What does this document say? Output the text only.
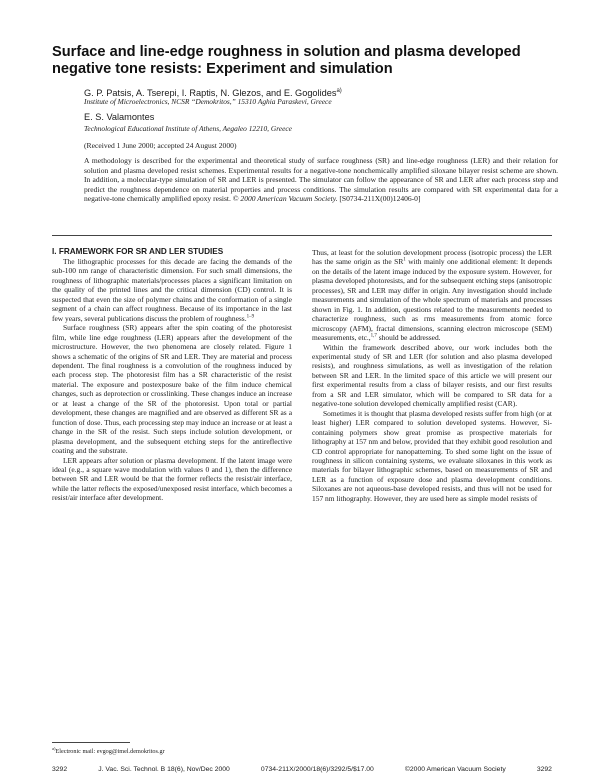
Surface and line-edge roughness in solution and plasma developed negative tone resists: Experiment and simulation
G. P. Patsis, A. Tserepi, I. Raptis, N. Glezos, and E. Gogolides$^{a)}$
Institute of Microelectronics, NCSR “Demokritos,” 15310 Aghia Paraskevi, Greece
E. S. Valamontes
Technological Educational Institute of Athens, Aegaleo 12210, Greece
(Received 1 June 2000; accepted 24 August 2000)
A methodology is described for the experimental and theoretical study of surface roughness (SR) and line-edge roughness (LER) and their relation for solution and plasma developed resist schemes. Experimental results for a negative-tone nonchemically amplified siloxane bilayer resist scheme are shown. In addition, a molecular-type simulation of SR and LER is presented. The simulator can follow the appearance of SR and LER after each process step and predict the roughness dependence on material properties and process conditions. The simulation results are compared with SR experimental data for a negative-tone chemically amplified epoxy resist. © 2000 American Vacuum Society. [S0734-211X(00)12406-0]

I. FRAMEWORK FOR SR AND LER STUDIES

The lithographic processes for this decade are facing the demands of the sub-100 nm range of characteristic dimension. For such small dimensions, the roughness of lithographic materials/processes places a significant limitation on the quality of the printed lines and the critical dimension (CD) control. It is suspected that even the size of polymer chains and the conformation of a single segment of a chain can affect roughness. Because of its importance in the last few years, several publications discuss the problem of roughness.$^{1-9}$

Surface roughness (SR) appears after the spin coating of the photoresist film, while line edge roughness (LER) appears after the development of the microstructure. However, the two phenomena are closely related. Figure 1 shows a schematic of the origins of SR and LER. They are material and process dependent. The final roughness is a convolution of the roughness induced by each process step. The photoresist film has a SR characteristic of the resist material. The exposure and postexposure bake of the film induce chemical changes, such as deprotection or crosslinking. These changes induce an increase or at least a change of the SR of the photoresist. Upon total or partial development, these changes are magnified and are observed as different SR as a function of dose. Thus, each processing step may induce an increase or at least a change in the SR of the resist. Such steps include solution development, or plasma development, and the subsequent etching steps for the antireflective coating and the substrate.

LER appears after solution or plasma development. If the latent image were ideal (e.g., a square wave modulation with values 0 and 1), then the difference between SR and LER would be that the former reflects the resist/air interface, while the latter reflects the exposed/unexposed resist interface, which becomes a resist/air interface after development.

Thus, at least for the solution development process (isotropic process) the LER has the same origin as the $SR^1$ with mainly one additional element: It depends on the details of the latent image induced by the exposure system. However, for plasma developed photoresists, and for the subsequent etching steps (anisotropic processes), SR and LER may differ in origin. Any investigation should include measurements and simulation of the whole spectrum of materials and processes shown in Fig. 1. In addition, questions related to the measurements needed to characterize roughness, such as rms measurements from atomic force microscopy (AFM), fractal dimensions, scanning electron microscope (SEM) measurements, etc.,$^{1,7}$ should be addressed.

Within the framework described above, our work includes both the experimental study of SR and LER (for solution and also plasma developed resists), and roughness simulations, as well as investigation of the relation between SR and LER. In the limited space of this article we will present our first experimental results from a class of bilayer resists, and our first results from a SR and LER simulator, which will be compared to SR data for a negative-tone solution developed chemically amplified resist (CAR).

Sometimes it is thought that plasma developed resists suffer from high (or at least higher) LER compared to solution developed systems. However, Si-containing polymers show great promise as prospective materials for lithography at 157 nm and below, provided that they exhibit good resolution and CD control appropriate for nanopatterning. To shed some light on the issue of roughness in silicon containing systems, we evaluate siloxanes in this work as materials for bilayer lithographic schemes, based on measurements of SR and LER as a function of exposure dose and plasma development conditions. Siloxanes are not aqueous-base developed resists, and thus will not be used for 157 nm lithography. However, they are used here as simple model resists of

$^{a)}$Electronic mail: evgog@imel.demokritos.gr
3292	J. Vac. Sci. Technol. B 18(6), Nov/Dec 2000	0734-211X/2000/18(6)/3292/5/$17.00	©2000 American Vacuum Society	3292
